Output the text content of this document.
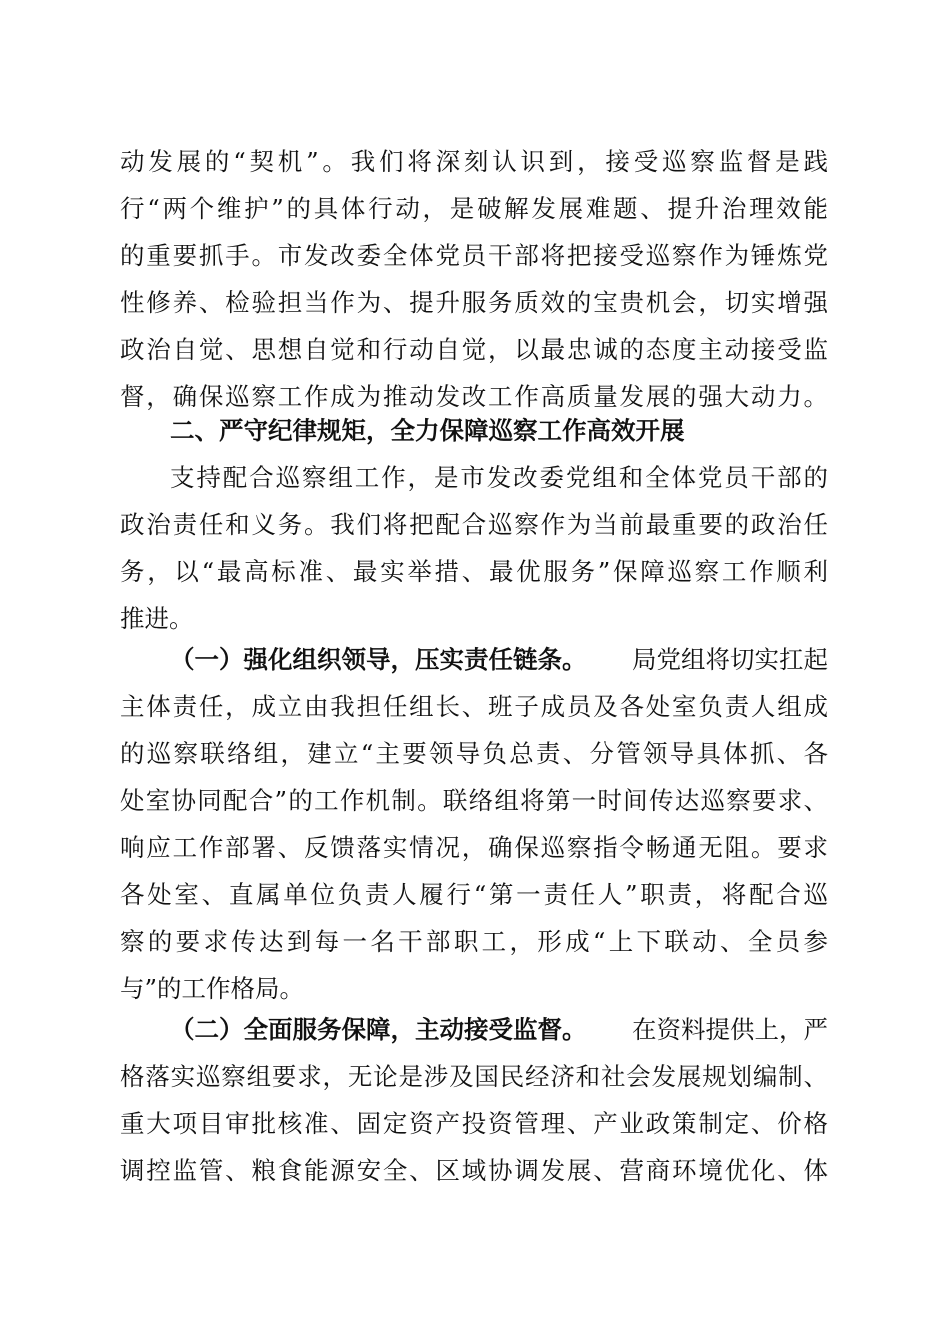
动发展的“契机”。我们将深刻认识到，接受巡察监督是践
行“两个维护”的具体行动，是破解发展难题、提升治理效能
的重要抓手。市发改委全体党员干部将把接受巡察作为锤炼党
性修养、检验担当作为、提升服务质效的宝贵机会，切实增强
政治自觉、思想自觉和行动自觉，以最忠诚的态度主动接受监
督，确保巡察工作成为推动发改工作高质量发展的强大动力。
二、严守纪律规矩，全力保障巡察工作高效开展
支持配合巡察组工作，是市发改委党组和全体党员干部的
政治责任和义务。我们将把配合巡察作为当前最重要的政治任
务，以“最高标准、最实举措、最优服务”保障巡察工作顺利
推进。
（一）强化组织领导，压实责任链条。 局党组将切实扛起
主体责任，成立由我担任组长、班子成员及各处室负责人组成
的巡察联络组，建立“主要领导负总责、分管领导具体抓、各
处室协同配合”的工作机制。联络组将第一时间传达巡察要求、
响应工作部署、反馈落实情况，确保巡察指令畅通无阻。要求
各处室、直属单位负责人履行“第一责任人”职责，将配合巡
察的要求传达到每一名干部职工，形成“上下联动、全员参
与”的工作格局。
（二）全面服务保障，主动接受监督。 在资料提供上，严
格落实巡察组要求，无论是涉及国民经济和社会发展规划编制、
重大项目审批核准、固定资产投资管理、产业政策制定、价格
调控监管、粮食能源安全、区域协调发展、营商环境优化、体
